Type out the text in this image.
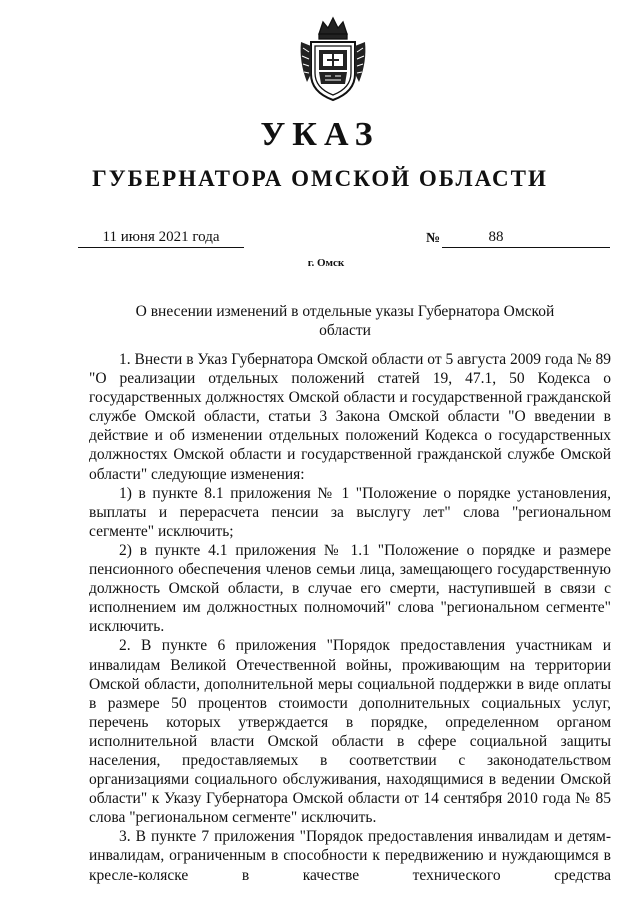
УКАЗ
ГУБЕРНАТОРА ОМСКОЙ ОБЛАСТИ
11 июня 2021 года	№	88
г. Омск
О внесении изменений в отдельные указы Губернатора Омской области

1. Внести в Указ Губернатора Омской области от 5 августа 2009 года № 89 "О реализации отдельных положений статей 19, 47.1, 50 Кодекса о государственных должностях Омской области и государственной гражданской службе Омской области, статьи 3 Закона Омской области "О введении в действие и об изменении отдельных положений Кодекса о государственных должностях Омской области и государственной гражданской службе Омской области" следующие изменения:

1) в пункте 8.1 приложения № 1 "Положение о порядке установления, выплаты и перерасчета пенсии за выслугу лет" слова "региональном сегменте" исключить;

2) в пункте 4.1 приложения № 1.1 "Положение о порядке и размере пенсионного обеспечения членов семьи лица, замещающего государственную должность Омской области, в случае его смерти, наступившей в связи с исполнением им должностных полномочий" слова "региональном сегменте" исключить.

2. В пункте 6 приложения "Порядок предоставления участникам и инвалидам Великой Отечественной войны, проживающим на территории Омской области, дополнительной меры социальной поддержки в виде оплаты в размере 50 процентов стоимости дополнительных социальных услуг, перечень которых утверждается в порядке, определенном органом исполнительной власти Омской области в сфере социальной защиты населения, предоставляемых в соответствии с законодательством организациями социального обслуживания, находящимися в ведении Омской области" к Указу Губернатора Омской области от 14 сентября 2010 года № 85 слова "региональном сегменте" исключить.

3. В пункте 7 приложения "Порядок предоставления инвалидам и детям-инвалидам, ограниченным в способности к передвижению и нуждающимся в кресле-коляске в качестве технического средства
